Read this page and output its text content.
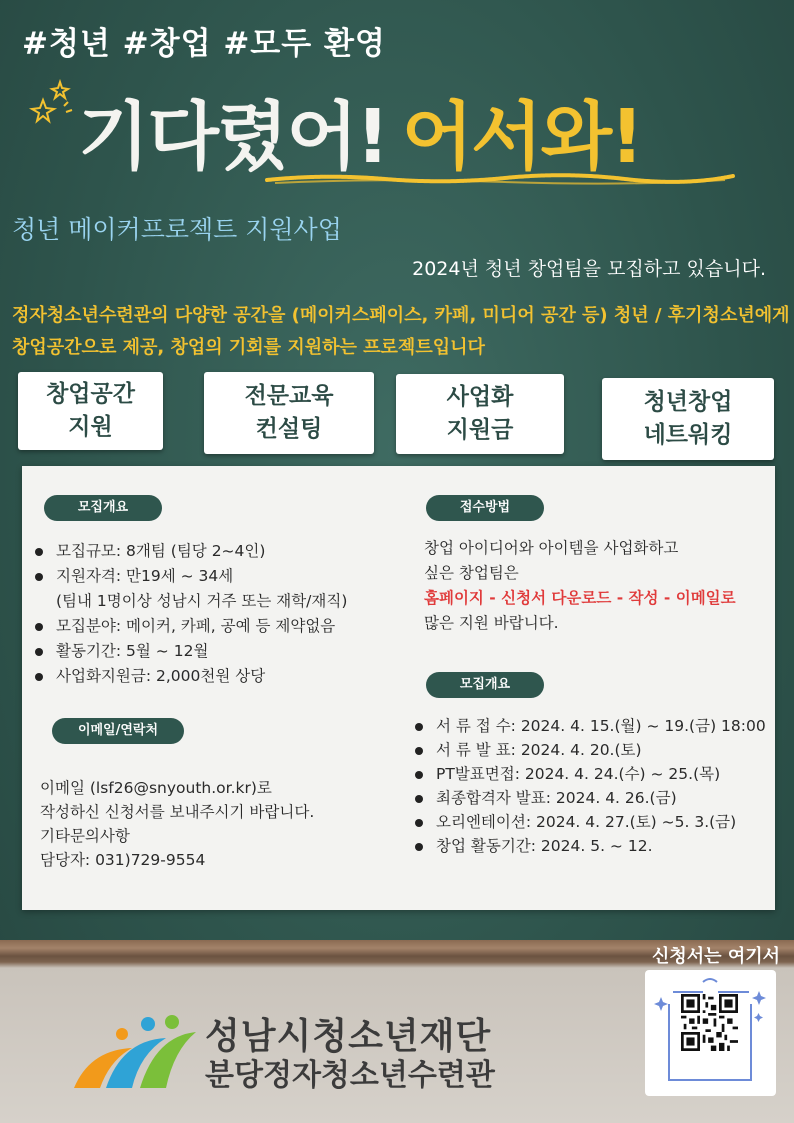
#청년 #창업 #모두 환영
기다렸어! 어서와!
청년 메이커프로젝트 지원사업
2024년 청년 창업팀을 모집하고 있습니다.
정자청소년수련관의 다양한 공간을 (메이커스페이스, 카페, 미디어 공간 등) 청년 / 후기청소년에게 창업공간으로 제공, 창업의 기회를 지원하는 프로젝트입니다
창업공간
지원
전문교육
컨설팅
사업화
지원금
청년창업
네트워킹
모집개요
모집규모: 8개팀 (팀당 2~4인)
지원자격: 만19세 ~ 34세
(팀내 1명이상 성남시 거주 또는 재학/재직)
모집분야: 메이커, 카페, 공예 등 제약없음
활동기간: 5월 ~ 12월
사업화지원금: 2,000천원 상당
이메일/연락처
이메일 (lsf26@snyouth.or.kr)로
작성하신 신청서를 보내주시기 바랍니다.
기타문의사항
담당자: 031)729-9554
접수방법
창업 아이디어와 아이템을 사업화하고
싶은 창업팀은
홈페이지 - 신청서 다운로드 - 작성 - 이메일로
많은 지원 바랍니다.
모집개요
서 류 접 수: 2024. 4. 15.(월) ~ 19.(금) 18:00
서 류 발 표: 2024. 4. 20.(토)
PT발표면접: 2024. 4. 24.(수) ~ 25.(목)
최종합격자 발표: 2024. 4. 26.(금)
오리엔테이션: 2024. 4. 27.(토) ~5. 3.(금)
창업 활동기간: 2024. 5. ~ 12.
신청서는 여기서
성남시청소년재단
분당정자청소년수련관
